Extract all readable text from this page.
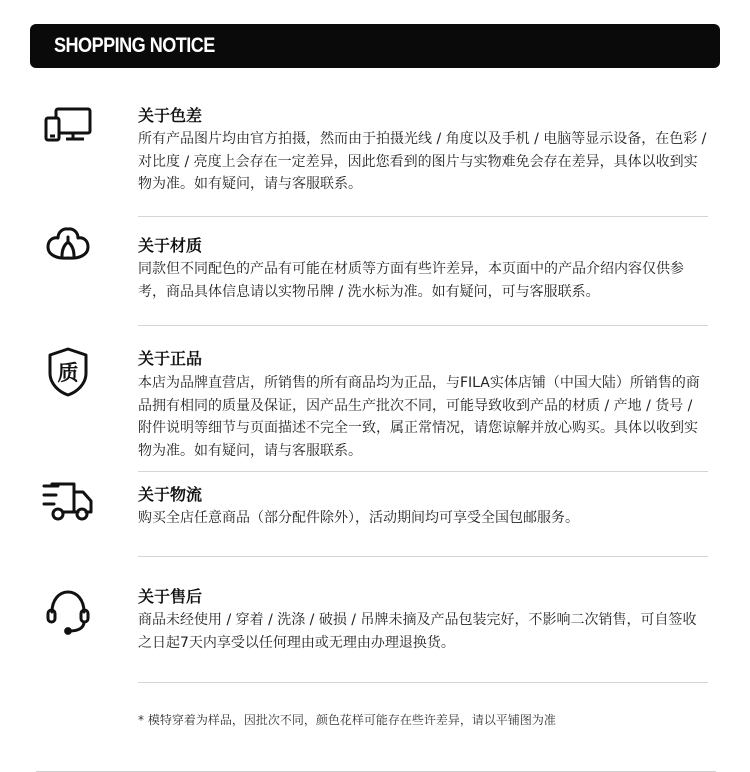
SHOPPING NOTICE
关于色差

所有产品图片均由官方拍摄，然而由于拍摄光线 / 角度以及手机 / 电脑等显示设备，在色彩 / 对比度 / 亮度上会存在一定差异，因此您看到的图片与实物难免会存在差异，具体以收到实物为准。如有疑问，请与客服联系。

关于材质

同款但不同配色的产品有可能在材质等方面有些许差异，本页面中的产品介绍内容仅供参考，商品具体信息请以实物吊牌 / 洗水标为准。如有疑问，可与客服联系。

质
关于正品

本店为品牌直营店，所销售的所有商品均为正品，与FILA实体店铺（中国大陆）所销售的商品拥有相同的质量及保证，因产品生产批次不同，可能导致收到产品的材质 / 产地 / 货号 / 附件说明等细节与页面描述不完全一致，属正常情况，请您谅解并放心购买。具体以收到实物为准。如有疑问，请与客服联系。

关于物流

购买全店任意商品（部分配件除外），活动期间均可享受全国包邮服务。

关于售后

商品未经使用 / 穿着 / 洗涤 / 破损 / 吊牌未摘及产品包装完好，不影响二次销售，可自签收之日起7天内享受以任何理由或无理由办理退换货。

* 模特穿着为样品，因批次不同，颜色花样可能存在些许差异，请以平铺图为准
